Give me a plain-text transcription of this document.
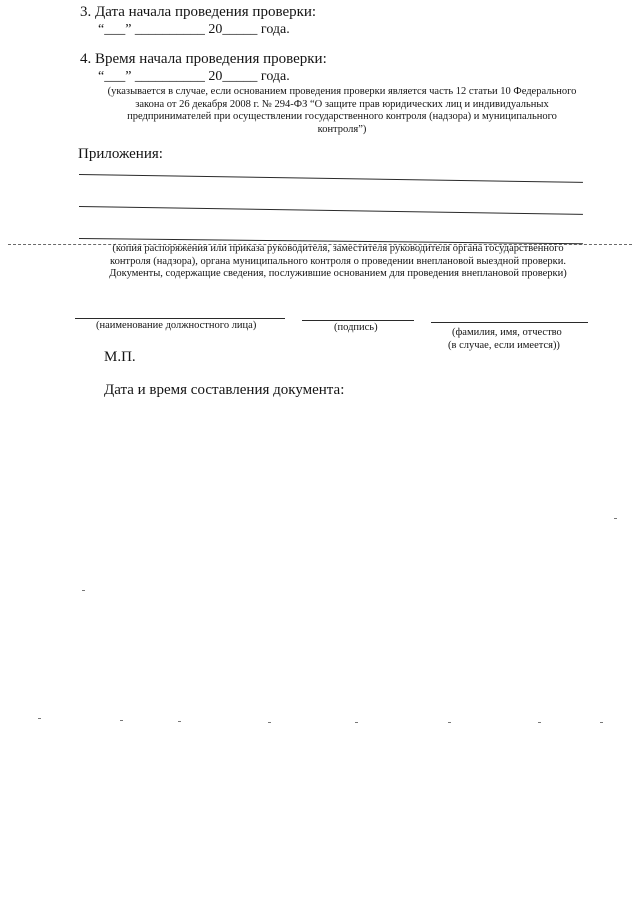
3. Дата начала проведения проверки:
“___” __________ 20_____ года.
4. Время начала проведения проверки:
“___” __________ 20_____ года.
(указывается в случае, если основанием проведения проверки является часть 12 статьи 10 Федерального
закона от 26 декабря 2008 г. № 294-ФЗ “О защите прав юридических лиц и индивидуальных
предпринимателей при осуществлении государственного контроля (надзора) и муниципального
контроля”)
Приложения:
(копия распоряжения или приказа руководителя, заместителя руководителя органа государственного
контроля (надзора), органа муниципального контроля о проведении внеплановой выездной проверки.
Документы, содержащие сведения, послужившие основанием для проведения внеплановой проверки)
(наименование должностного лица)	(подпись)	(фамилия, имя, отчество
(в случае, если имеется))
М.П.
Дата и время составления документа:
